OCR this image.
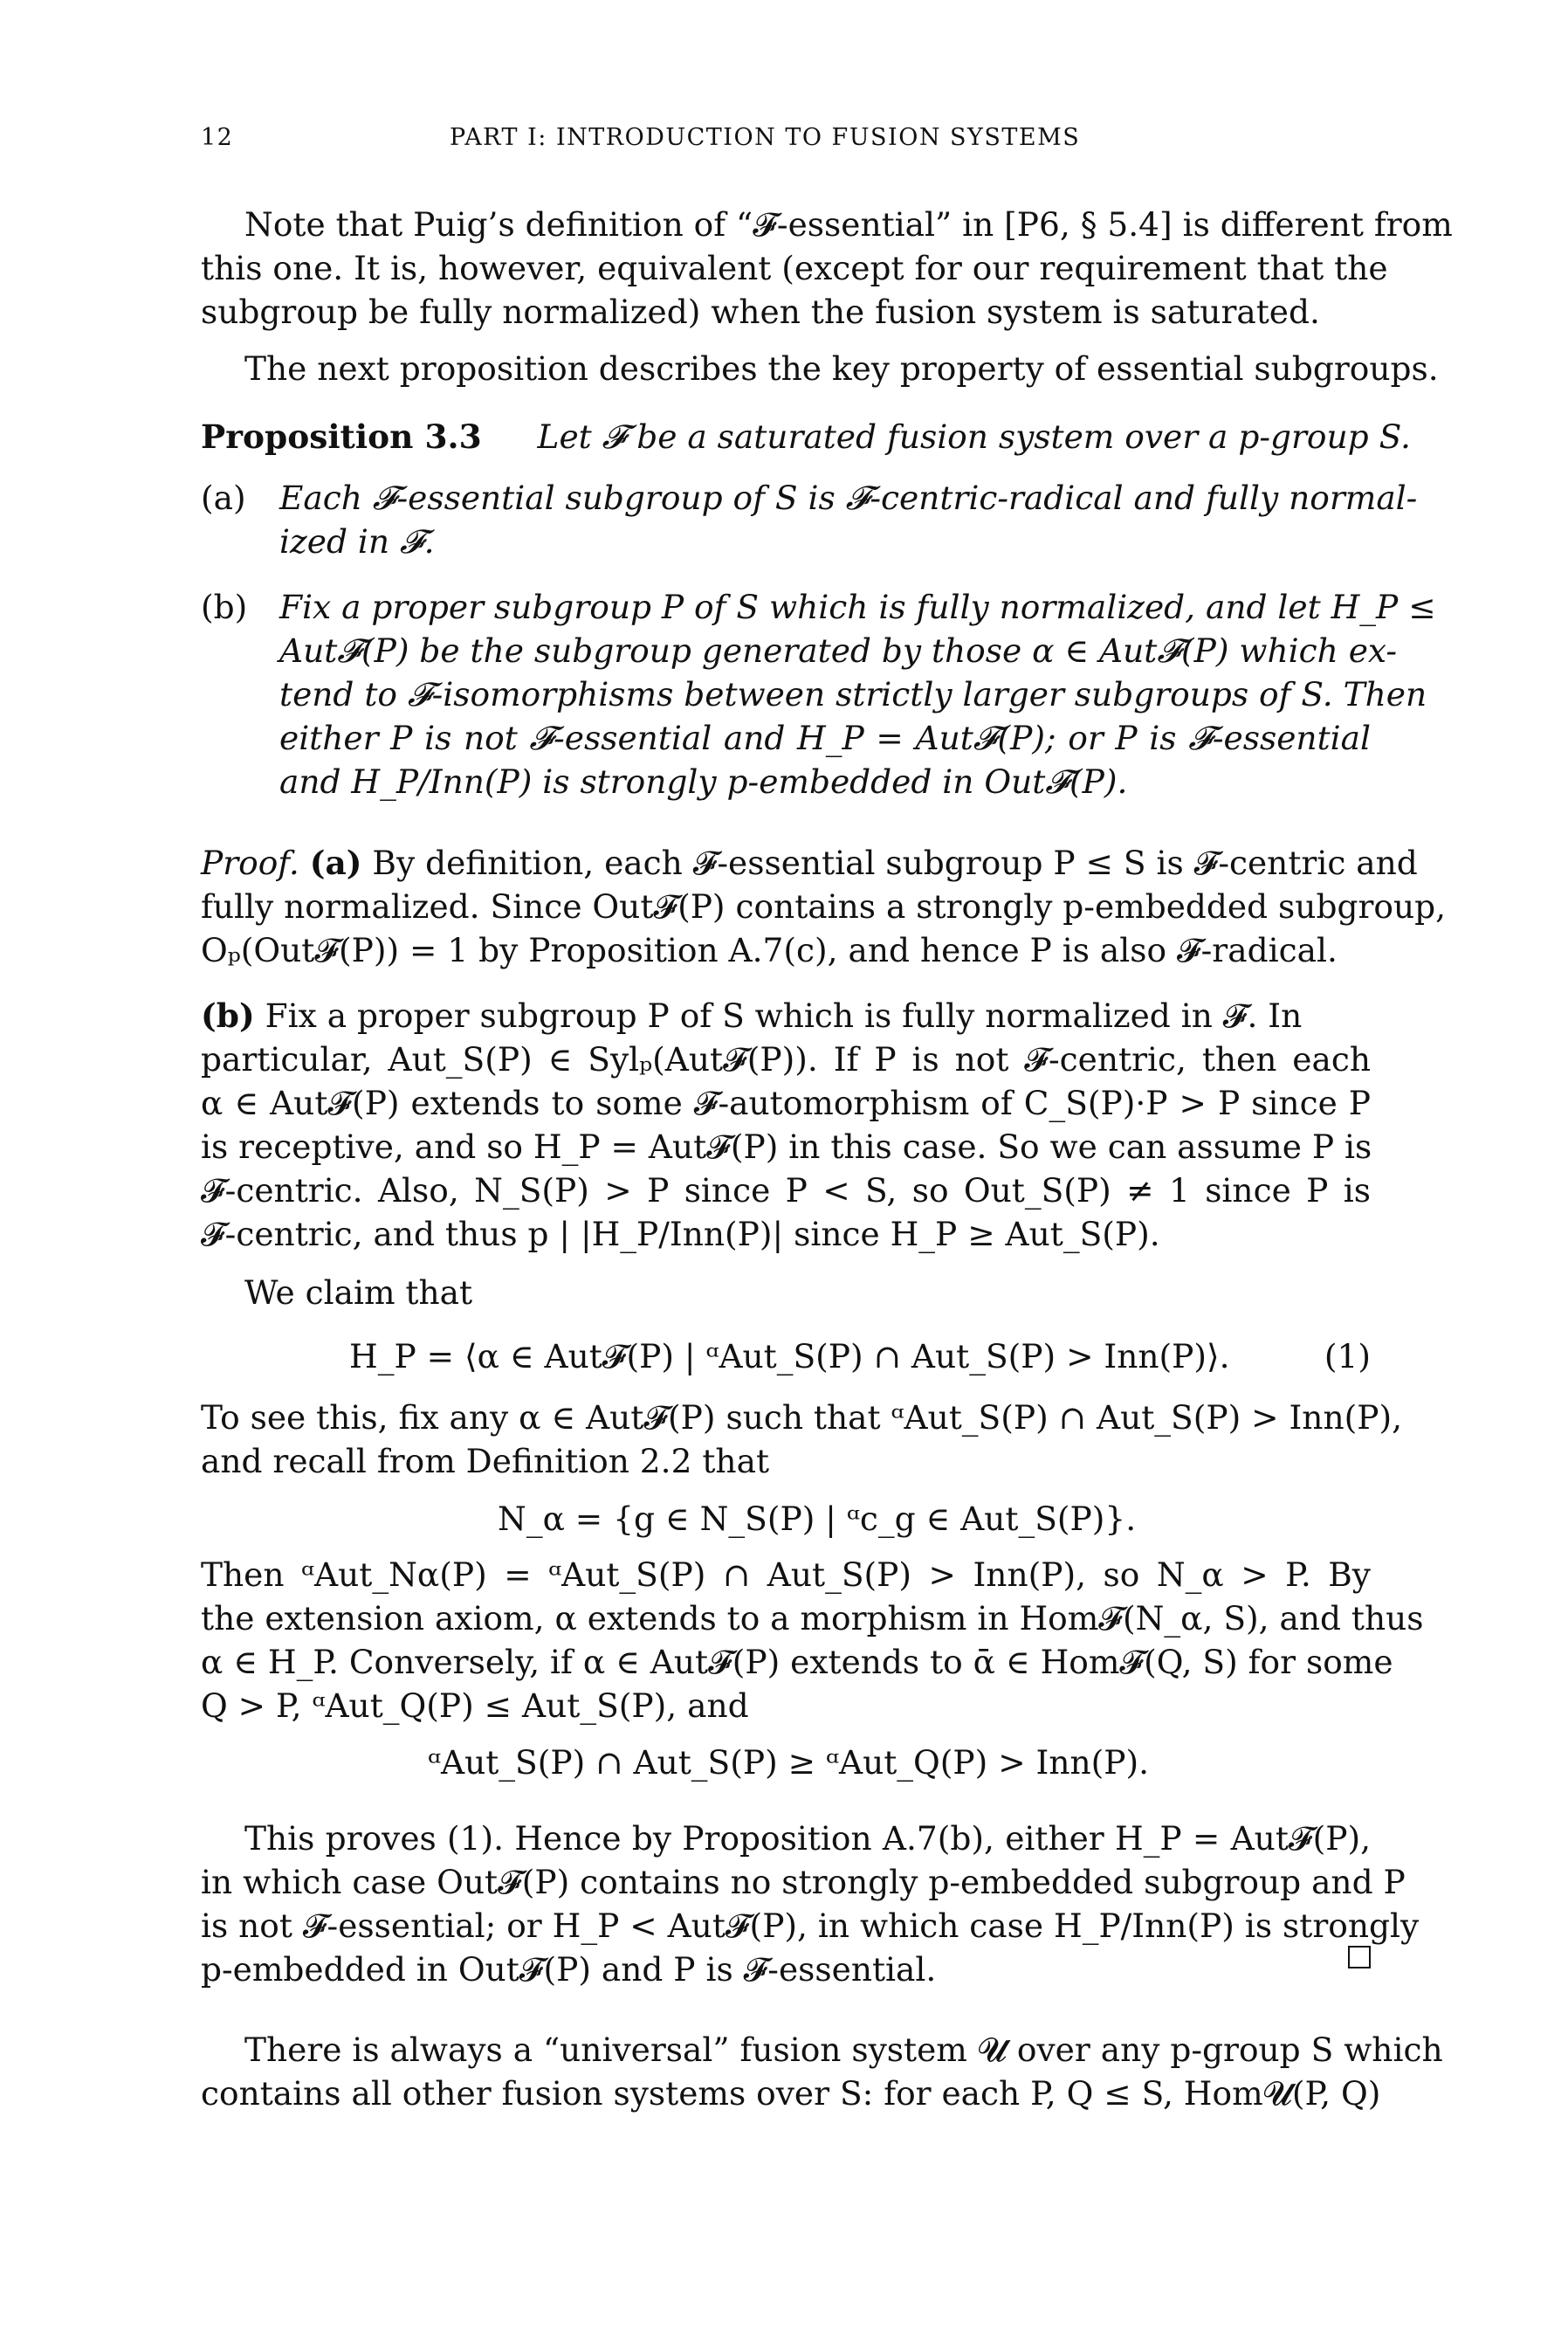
12	PART I: INTRODUCTION TO FUSION SYSTEMS
Note that Puig’s definition of “𝓕-essential” in [P6, § 5.4] is different from
this one. It is, however, equivalent (except for our requirement that the
subgroup be fully normalized) when the fusion system is saturated.
The next proposition describes the key property of essential subgroups.
Proposition 3.3 Let 𝓕 be a saturated fusion system over a p-group S.
(a) Each 𝓕-essential subgroup of S is 𝓕-centric-radical and fully normal-
ized in 𝓕.
(b) Fix a proper subgroup P of S which is fully normalized, and let H_P ≤
Aut𝓕(P) be the subgroup generated by those α ∈ Aut𝓕(P) which ex-
tend to 𝓕-isomorphisms between strictly larger subgroups of S. Then
either P is not 𝓕-essential and H_P = Aut𝓕(P); or P is 𝓕-essential
and H_P/Inn(P) is strongly p-embedded in Out𝓕(P).
Proof. (a) By definition, each 𝓕-essential subgroup P ≤ S is 𝓕-centric and
fully normalized. Since Out𝓕(P) contains a strongly p-embedded subgroup,
Oₚ(Out𝓕(P)) = 1 by Proposition A.7(c), and hence P is also 𝓕-radical.
(b) Fix a proper subgroup P of S which is fully normalized in 𝓕. In
particular, Aut_S(P) ∈ Sylₚ(Aut𝓕(P)). If P is not 𝓕-centric, then each
α ∈ Aut𝓕(P) extends to some 𝓕-automorphism of C_S(P)·P > P since P
is receptive, and so H_P = Aut𝓕(P) in this case. So we can assume P is
𝓕-centric. Also, N_S(P) > P since P < S, so Out_S(P) ≠ 1 since P is
𝓕-centric, and thus p | |H_P/Inn(P)| since H_P ≥ Aut_S(P).
We claim that
H_P = ⟨α ∈ Aut𝓕(P) | ᵅAut_S(P) ∩ Aut_S(P) > Inn(P)⟩.	(1)
To see this, fix any α ∈ Aut𝓕(P) such that ᵅAut_S(P) ∩ Aut_S(P) > Inn(P),
and recall from Definition 2.2 that
N_α = {g ∈ N_S(P) | ᵅc_g ∈ Aut_S(P)}.
Then ᵅAut_Nα(P) = ᵅAut_S(P) ∩ Aut_S(P) > Inn(P), so N_α > P. By
the extension axiom, α extends to a morphism in Hom𝓕(N_α, S), and thus
α ∈ H_P. Conversely, if α ∈ Aut𝓕(P) extends to ᾱ ∈ Hom𝓕(Q, S) for some
Q > P, ᵅAut_Q(P) ≤ Aut_S(P), and
ᵅAut_S(P) ∩ Aut_S(P) ≥ ᵅAut_Q(P) > Inn(P).
This proves (1). Hence by Proposition A.7(b), either H_P = Aut𝓕(P),
in which case Out𝓕(P) contains no strongly p-embedded subgroup and P
is not 𝓕-essential; or H_P < Aut𝓕(P), in which case H_P/Inn(P) is strongly
p-embedded in Out𝓕(P) and P is 𝓕-essential.
There is always a “universal” fusion system 𝓤 over any p-group S which
contains all other fusion systems over S: for each P, Q ≤ S, Hom𝓤(P, Q)
